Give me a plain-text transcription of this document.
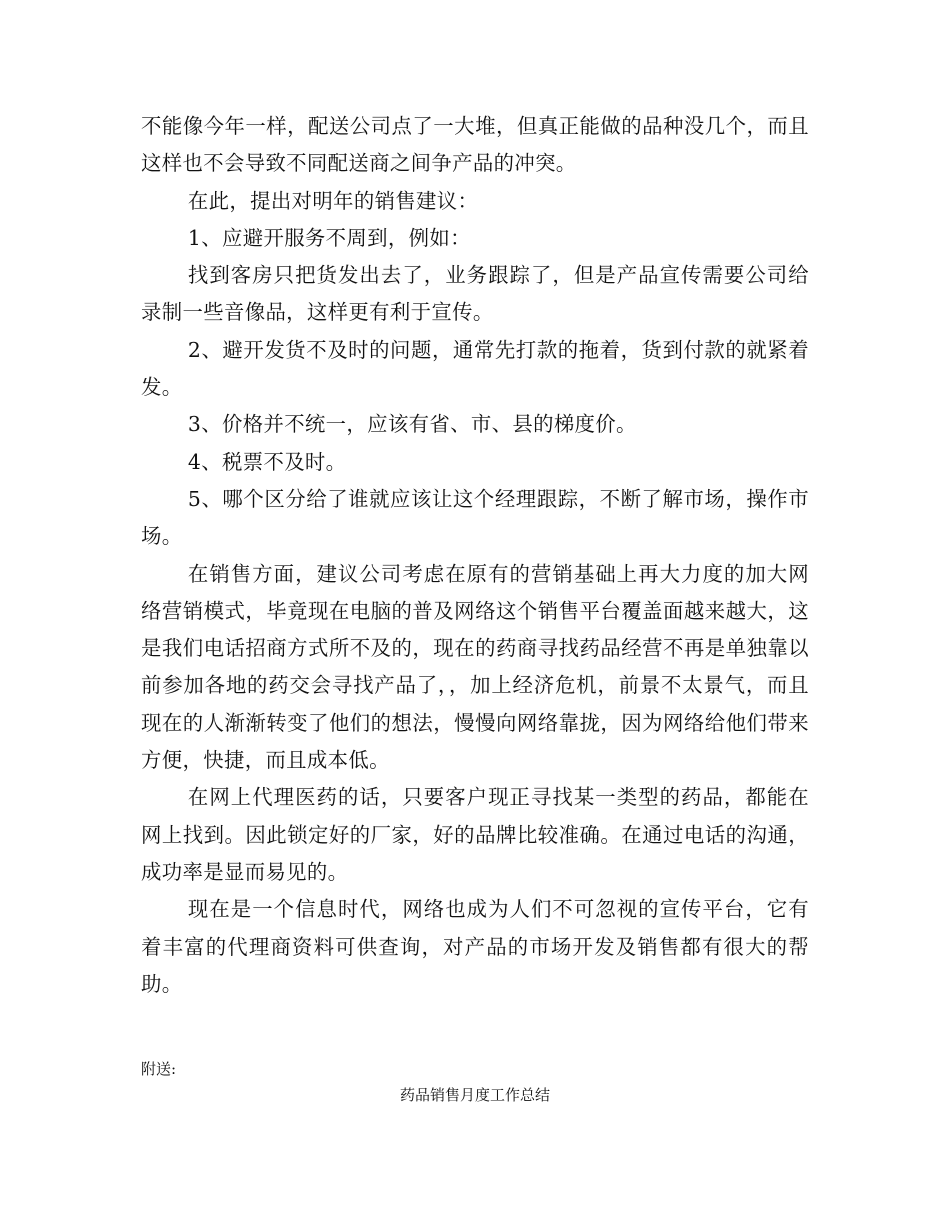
不能像今年一样，配送公司点了一大堆，但真正能做的品种没几个，而且这样也不会导致不同配送商之间争产品的冲突。

在此，提出对明年的销售建议：

1、应避开服务不周到，例如：

找到客房只把货发出去了，业务跟踪了，但是产品宣传需要公司给录制一些音像品，这样更有利于宣传。

2、避开发货不及时的问题，通常先打款的拖着，货到付款的就紧着发。

3、价格并不统一，应该有省、市、县的梯度价。

4、税票不及时。

5、哪个区分给了谁就应该让这个经理跟踪，不断了解市场，操作市场。

在销售方面，建议公司考虑在原有的营销基础上再大力度的加大网络营销模式，毕竟现在电脑的普及网络这个销售平台覆盖面越来越大，这是我们电话招商方式所不及的，现在的药商寻找药品经营不再是单独靠以前参加各地的药交会寻找产品了，，加上经济危机，前景不太景气，而且现在的人渐渐转变了他们的想法，慢慢向网络靠拢，因为网络给他们带来方便，快捷，而且成本低。

在网上代理医药的话，只要客户现正寻找某一类型的药品，都能在网上找到。因此锁定好的厂家，好的品牌比较准确。在通过电话的沟通，成功率是显而易见的。

现在是一个信息时代，网络也成为人们不可忽视的宣传平台，它有着丰富的代理商资料可供查询，对产品的市场开发及销售都有很大的帮助。

附送:

药品销售月度工作总结
